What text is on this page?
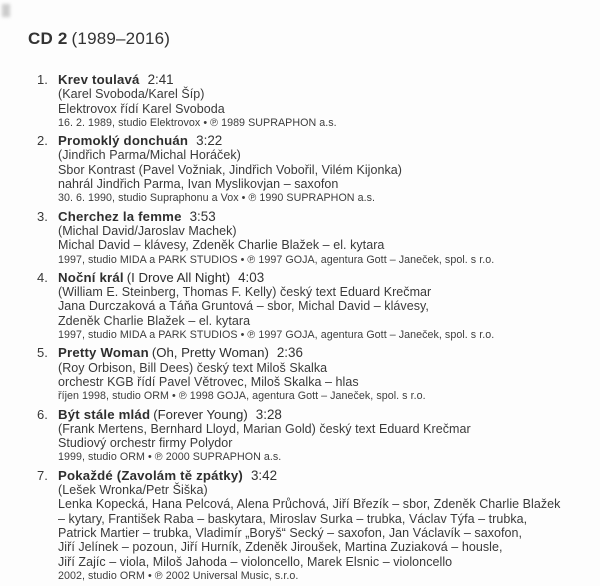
CD 2 (1989–2016)
1. Krev toulavá 2:41
(Karel Svoboda/Karel Šíp)
Elektrovox řídí Karel Svoboda
16. 2. 1989, studio Elektrovox • ℗ 1989 SUPRAPHON a.s.
2. Promoklý donchuán 3:22
(Jindřich Parma/Michal Horáček)
Sbor Kontrast (Pavel Vožniak, Jindřich Vobořil, Vilém Kijonka)
nahrál Jindřich Parma, Ivan Myslikovjan – saxofon
30. 6. 1990, studio Supraphonu a Vox • ℗ 1990 SUPRAPHON a.s.
3. Cherchez la femme 3:53
(Michal David/Jaroslav Machek)
Michal David – klávesy, Zdeněk Charlie Blažek – el. kytara
1997, studio MIDA a PARK STUDIOS • ℗ 1997 GOJA, agentura Gott – Janeček, spol. s r.o.
4. Noční král (I Drove All Night) 4:03
(William E. Steinberg, Thomas F. Kelly) český text Eduard Krečmar
Jana Durczaková a Táňa Gruntová – sbor, Michal David – klávesy,
Zdeněk Charlie Blažek – el. kytara
1997, studio MIDA a PARK STUDIOS • ℗ 1997 GOJA, agentura Gott – Janeček, spol. s r.o.
5. Pretty Woman (Oh, Pretty Woman) 2:36
(Roy Orbison, Bill Dees) český text Miloš Skalka
orchestr KGB řídí Pavel Větrovec, Miloš Skalka – hlas
říjen 1998, studio ORM • ℗ 1998 GOJA, agentura Gott – Janeček, spol. s r.o.
6. Být stále mlád (Forever Young) 3:28
(Frank Mertens, Bernhard Lloyd, Marian Gold) český text Eduard Krečmar
Studiový orchestr firmy Polydor
1999, studio ORM • ℗ 2000 SUPRAPHON a.s.
7. Pokaždé (Zavolám tě zpátky) 3:42
(Lešek Wronka/Petr Šiška)
Lenka Kopecká, Hana Pelcová, Alena Průchová, Jiří Březík – sbor, Zdeněk Charlie Blažek
– kytary, František Raba – baskytara, Miroslav Surka – trubka, Václav Týfa – trubka,
Patrick Martier – trubka, Vladimír „Boryš“ Secký – saxofon, Jan Václavík – saxofon,
Jiří Jelínek – pozoun, Jiří Hurník, Zdeněk Jiroušek, Martina Zuziaková – housle,
Jiří Zajíc – viola, Miloš Jahoda – violoncello, Marek Elsnic – violoncello
2002, studio ORM • ℗ 2002 Universal Music, s.r.o.
